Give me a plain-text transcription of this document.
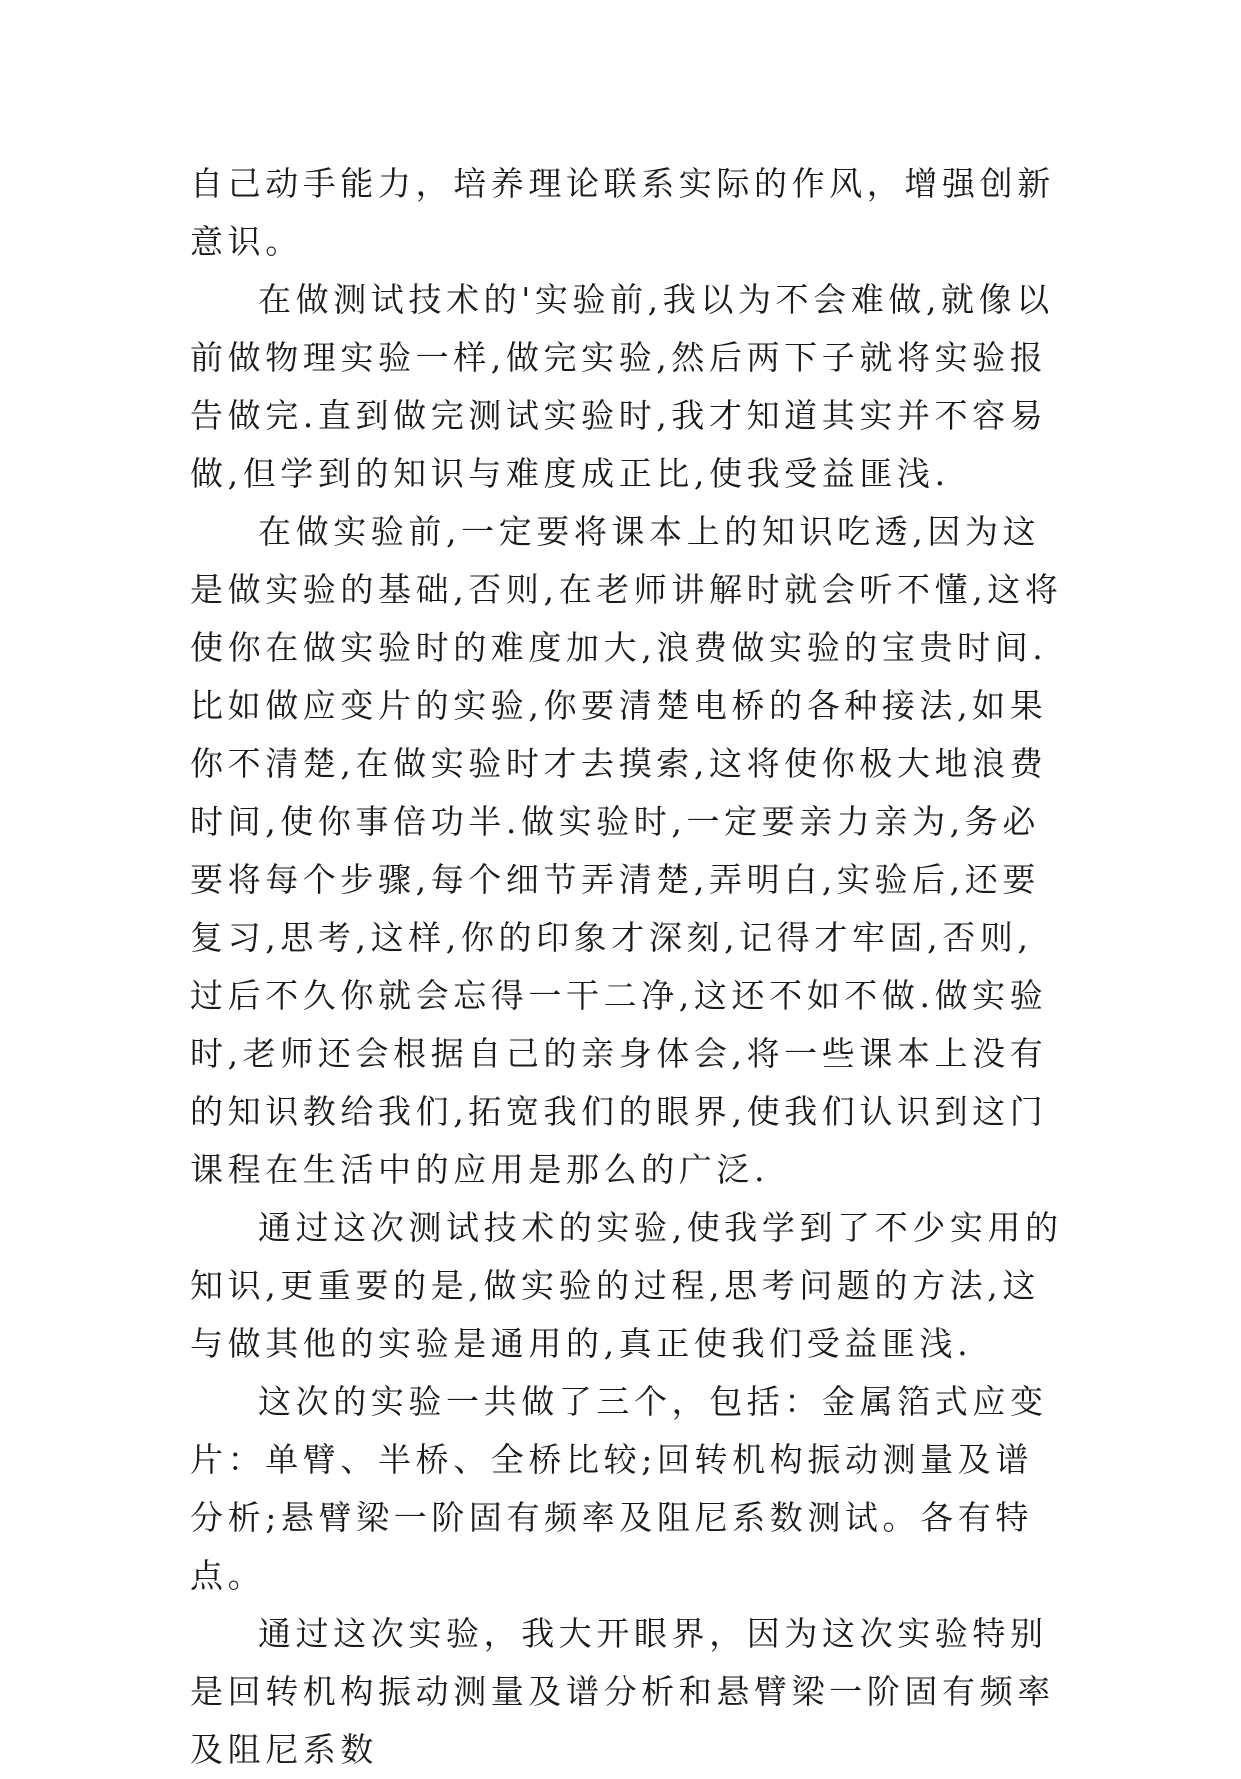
自己动手能力，培养理论联系实际的作风，增强创新意识。

在做测试技术的'实验前,我以为不会难做,就像以前做物理实验一样,做完实验,然后两下子就将实验报告做完.直到做完测试实验时,我才知道其实并不容易做,但学到的知识与难度成正比,使我受益匪浅.

在做实验前,一定要将课本上的知识吃透,因为这是做实验的基础,否则,在老师讲解时就会听不懂,这将使你在做实验时的难度加大,浪费做实验的宝贵时间.比如做应变片的实验,你要清楚电桥的各种接法,如果你不清楚,在做实验时才去摸索,这将使你极大地浪费时间,使你事倍功半.做实验时,一定要亲力亲为,务必要将每个步骤,每个细节弄清楚,弄明白,实验后,还要复习,思考,这样,你的印象才深刻,记得才牢固,否则,过后不久你就会忘得一干二净,这还不如不做.做实验时,老师还会根据自己的亲身体会,将一些课本上没有的知识教给我们,拓宽我们的眼界,使我们认识到这门课程在生活中的应用是那么的广泛.

通过这次测试技术的实验,使我学到了不少实用的知识,更重要的是,做实验的过程,思考问题的方法,这与做其他的实验是通用的,真正使我们受益匪浅.

这次的实验一共做了三个，包括：金属箔式应变片：单臂、半桥、全桥比较;回转机构振动测量及谱分析;悬臂梁一阶固有频率及阻尼系数测试。各有特点。

通过这次实验，我大开眼界，因为这次实验特别是回转机构振动测量及谱分析和悬臂梁一阶固有频率及阻尼系数
